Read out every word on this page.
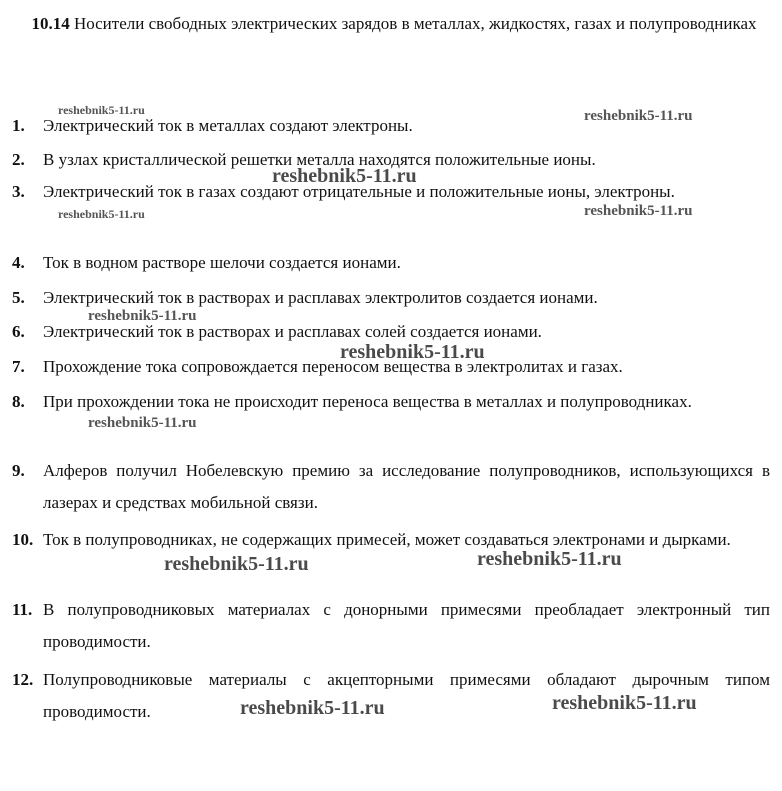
10.14 Носители свободных электрических зарядов в металлах, жидкостях, газах и полупроводниках
1.	Электрический ток в металлах создают электроны.
2.	В узлах кристаллической решетки металла находятся положительные ионы.
3.	Электрический ток в газах создают отрицательные и положительные ионы, электроны.
4.	Ток в водном растворе шелочи создается ионами.
5.	Электрический ток в растворах и расплавах электролитов создается ионами.
6.	Электрический ток в растворах и расплавах солей создается ионами.
7.	Прохождение тока сопровождается переносом вещества в электролитах и газах.
8.	При прохождении тока не происходит переноса вещества в металлах и полупроводниках.
9.	Алферов получил Нобелевскую премию за исследование полупроводников, использующихся в лазерах и средствах мобильной связи.
10. Ток в полупроводниках, не содержащих примесей, может создаваться электронами и дырками.
11. В полупроводниковых материалах с донорными примесями преобладает электронный тип проводимости.
12. Полупроводниковые материалы с акцепторными примесями обладают дырочным типом проводимости.
reshebnik5-11.ru	reshebnik5-11.ru
reshebnik5-11.ru
reshebnik5-11.ru	reshebnik5-11.ru
reshebnik5-11.ru
reshebnik5-11.ru
reshebnik5-11.ru
reshebnik5-11.ru	reshebnik5-11.ru
reshebnik5-11.ru	reshebnik5-11.ru
